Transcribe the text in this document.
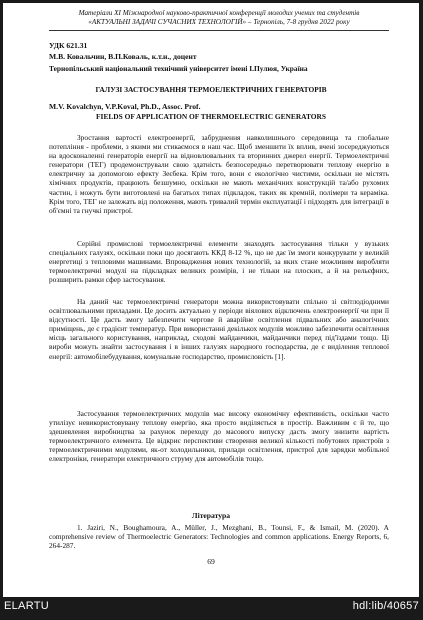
Матеріали XI Міжнародної науково-практичної конференції молодих учених та студентів
«АКТУАЛЬНІ ЗАДАЧІ СУЧАСНИХ ТЕХНОЛОГІЙ» – Тернопіль, 7-8 грудня 2022 року
УДК 621.31
М.В. Ковальчин, В.П.Коваль, к.т.н., доцент
Тернопільський національний технічний університет імені І.Пулюя, Україна
ГАЛУЗІ ЗАСТОСУВАННЯ ТЕРМОЕЛЕКТРИЧНИХ ГЕНЕРАТОРІВ
M.V. Kovalchyn, V.P.Koval, Ph.D., Assoc. Prof.
FIELDS OF APPLICATION OF THERMOELECTRIC GENERATORS

Зростання вартості електроенергії, забруднення навколишнього середовища та глобальне потепління - проблеми, з якими ми стикаємося в наш час. Щоб зменшити їх вплив, вчені зосереджуються на вдосконаленні генераторів енергії на відновлювальних та вторинних джерел енергії. Термоелектричні генератори (ТЕГ) продемонстрували свою здатність безпосередньо перетворювати теплову енергію в електричну за допомогою ефекту Зеєбека. Крім того, вони є екологічно чистими, оскільки не містять хімічних продуктів, працюють безшумно, оскільки не мають механічних конструкцій та/або рухомих частин, і можуть бути виготовлені на багатьох типах підкладок, таких як кремній, полімери та кераміка. Крім того, ТЕГ не залежать від положення, мають тривалий термін експлуатації і підходять для інтеграції в об'ємні та гнучкі пристрої.

Серійні промислові термоелектричні елементи знаходять застосування тільки у вузьких спеціальних галузях, оскільки поки що досягають ККД 8-12 %, що не дає їм змоги конкурувати у великій енергетиці з тепловими машинами. Впровадження нових технологій, за яких стане можливим виробляти термоелектричні модулі на підкладках великих розмірів, і не тільки на плоских, а й на рельєфних, розширить рамки сфер застосування.

На даний час термоелектричні генератори можна використовувати спільно зі світлодіодними освітлювальними приладами. Це досить актуально у періоди віялових відключень електроенергії чи при її відсутності. Це дасть змогу забезпечити чергове й аварійне освітлення підвальних або аналогічних приміщень, де є градієнт температур. При використанні декількох модулів можливо забезпечити освітлення місць загального користування, наприклад, сходові майданчики, майданчики перед під'їздами тощо. Ці вироби можуть знайти застосування і в інших галузях народного господарства, де є виділення теплової енергії: автомобілебудування, комунальне господарство, промисловість [1].

Застосування термоелектричних модулів має високу економічну ефективність, оскільки часто утилізує невикористовувану теплову енергію, яка просто виділяється в простір. Важливим є й те, що здешевлення виробництва за рахунок переходу до масового випуску дасть змогу знизити вартість термоелектричного елемента. Це відкриє перспективи створення великої кількості побутових пристроїв з термоелектричними модулями, як-от холодильники, прилади освітлення, пристрої для зарядки мобільної електроніки, генератори електричного струму для автомобілів тощо.

Література

1. Jaziri, N., Boughamoura, A., Müller, J., Mezghani, B., Tounsi, F., & Ismail, M. (2020). A comprehensive review of Thermoelectric Generators: Technologies and common applications. Energy Reports, 6, 264-287.

69
ELARTU	hdl:lib/40657
